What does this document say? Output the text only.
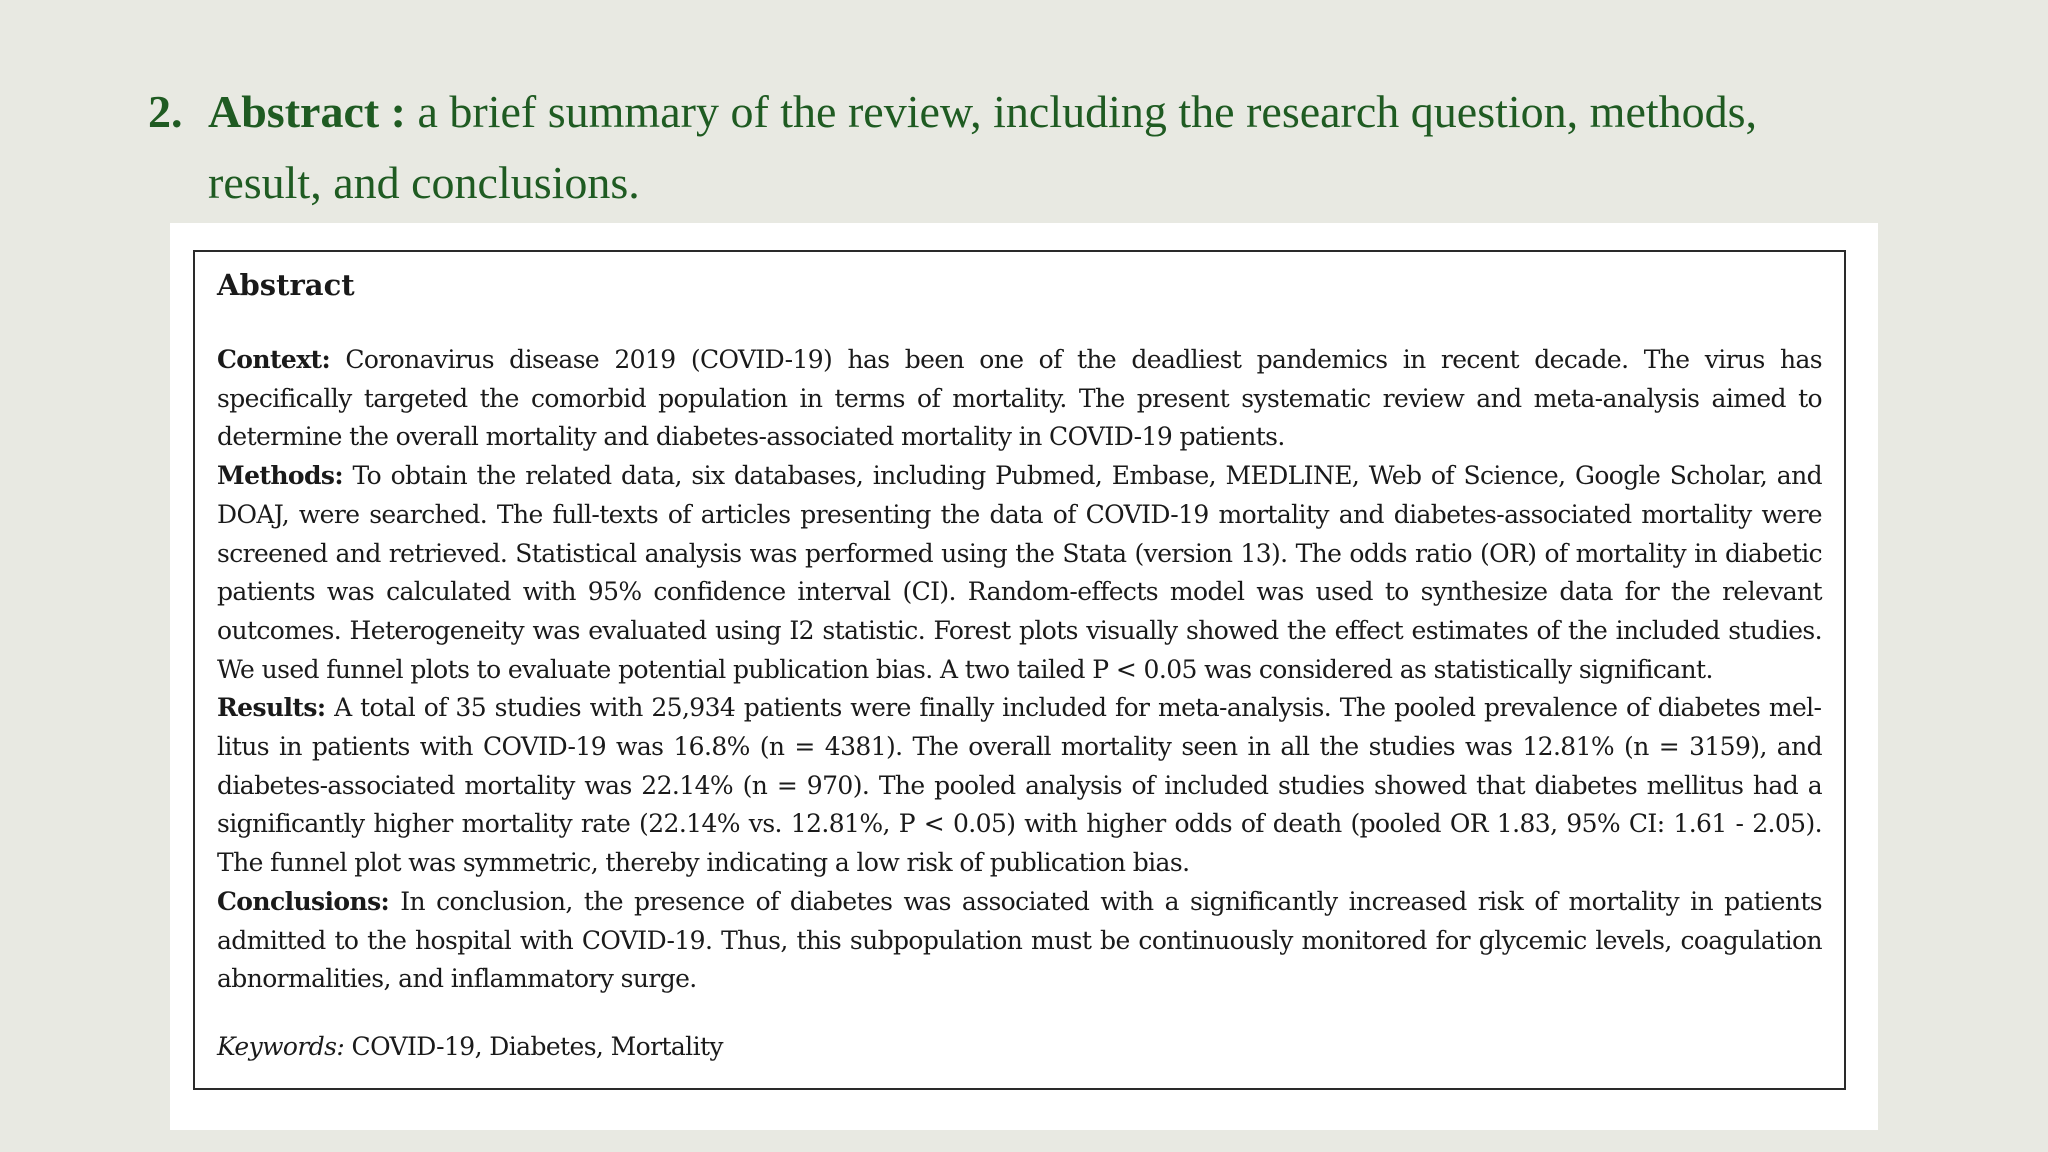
2. Abstract : a brief summary of the review, including the research question, methods, result, and conclusions.
Abstract

Context: Coronavirus disease 2019 (COVID-19) has been one of the deadliest pandemics in recent decade. The virus has specifically targeted the comorbid population in terms of mortality. The present systematic review and meta-analysis aimed to determine the overall mortality and diabetes-associated mortality in COVID-19 patients.

Methods: To obtain the related data, six databases, including Pubmed, Embase, MEDLINE, Web of Science, Google Scholar, and DOAJ, were searched. The full-texts of articles presenting the data of COVID-19 mortality and diabetes-associated mortality were screened and retrieved. Statistical analysis was performed using the Stata (version 13). The odds ratio (OR) of mortality in diabetic patients was calculated with 95% confidence interval (CI). Random-effects model was used to synthesize data for the relevant outcomes. Heterogeneity was evaluated using I2 statistic. Forest plots visually showed the effect estimates of the included studies. We used funnel plots to evaluate potential publication bias. A two tailed P < 0.05 was considered as statistically significant.

Results: A total of 35 studies with 25,934 patients were finally included for meta-analysis. The pooled prevalence of diabetes mellitus in patients with COVID-19 was 16.8% (n = 4381). The overall mortality seen in all the studies was 12.81% (n = 3159), and diabetes-associated mortality was 22.14% (n = 970). The pooled analysis of included studies showed that diabetes mellitus had a significantly higher mortality rate (22.14% vs. 12.81%, P < 0.05) with higher odds of death (pooled OR 1.83, 95% CI: 1.61 - 2.05). The funnel plot was symmetric, thereby indicating a low risk of publication bias.

Conclusions: In conclusion, the presence of diabetes was associated with a significantly increased risk of mortality in patients admitted to the hospital with COVID-19. Thus, this subpopulation must be continuously monitored for glycemic levels, coagulation abnormalities, and inflammatory surge.

Keywords: COVID-19, Diabetes, Mortality
